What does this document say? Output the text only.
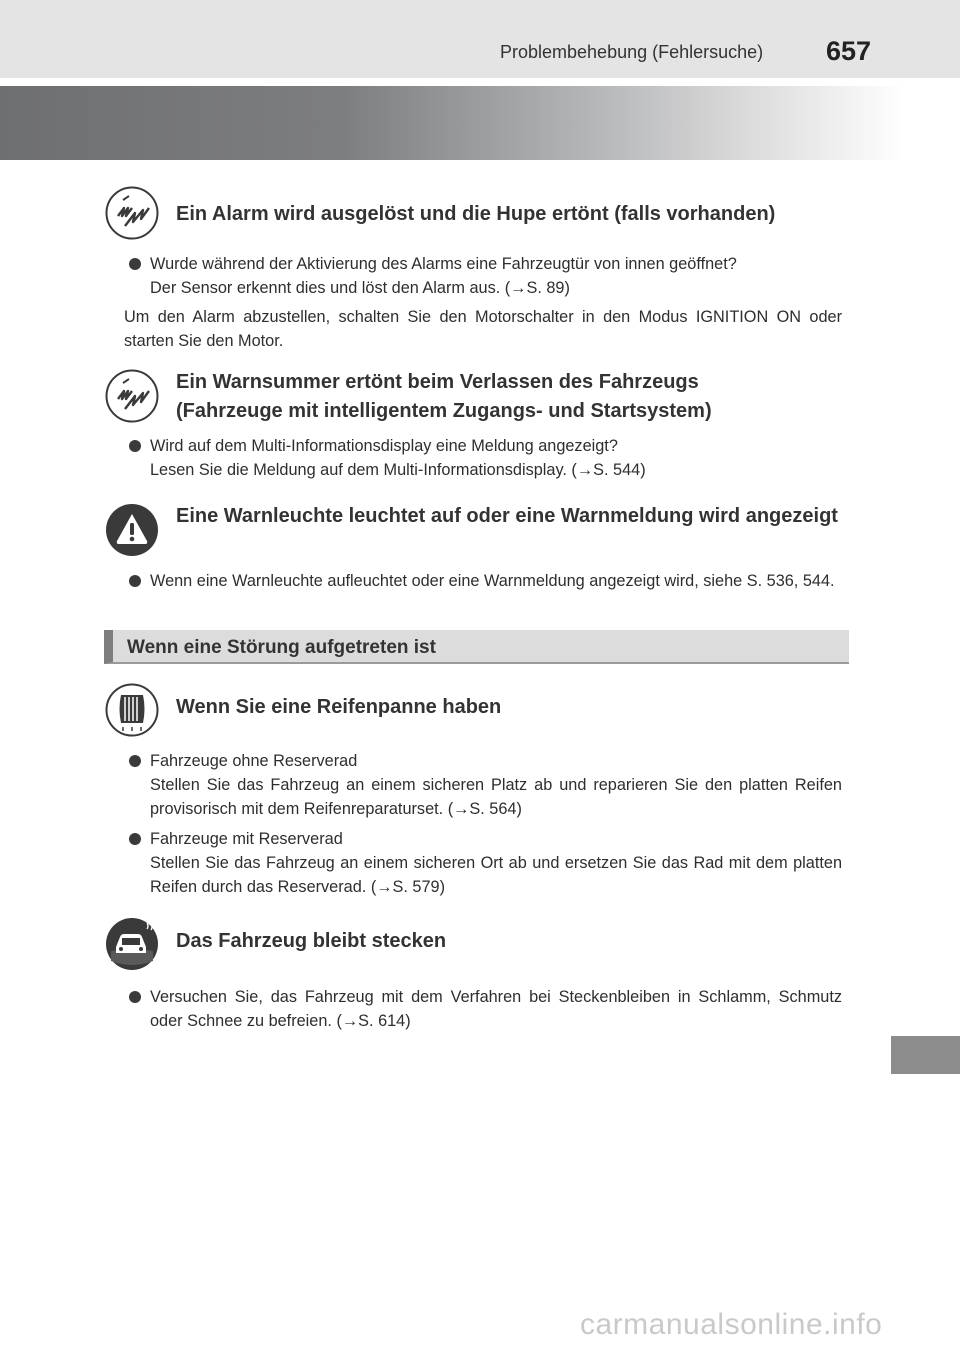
Problembehebung (Fehlersuche) 657
Ein Alarm wird ausgelöst und die Hupe ertönt (falls vorhanden)
Wurde während der Aktivierung des Alarms eine Fahrzeugtür von innen geöffnet?
Der Sensor erkennt dies und löst den Alarm aus. (→S. 89)
Um den Alarm abzustellen, schalten Sie den Motorschalter in den Modus IGNITION ON oder starten Sie den Motor.
Ein Warnsummer ertönt beim Verlassen des Fahrzeugs
(Fahrzeuge mit intelligentem Zugangs- und Startsystem)
Wird auf dem Multi-Informationsdisplay eine Meldung angezeigt?
Lesen Sie die Meldung auf dem Multi-Informationsdisplay. (→S. 544)
Eine Warnleuchte leuchtet auf oder eine Warnmeldung wird angezeigt
Wenn eine Warnleuchte aufleuchtet oder eine Warnmeldung angezeigt wird, siehe S. 536, 544.
Wenn eine Störung aufgetreten ist
Wenn Sie eine Reifenpanne haben
Fahrzeuge ohne Reserverad
Stellen Sie das Fahrzeug an einem sicheren Platz ab und reparieren Sie den platten Reifen provisorisch mit dem Reifenreparaturset. (→S. 564)
Fahrzeuge mit Reserverad
Stellen Sie das Fahrzeug an einem sicheren Ort ab und ersetzen Sie das Rad mit dem platten Reifen durch das Reserverad. (→S. 579)
Das Fahrzeug bleibt stecken
Versuchen Sie, das Fahrzeug mit dem Verfahren bei Steckenbleiben in Schlamm, Schmutz oder Schnee zu befreien. (→S. 614)
carmanualsonline.info
